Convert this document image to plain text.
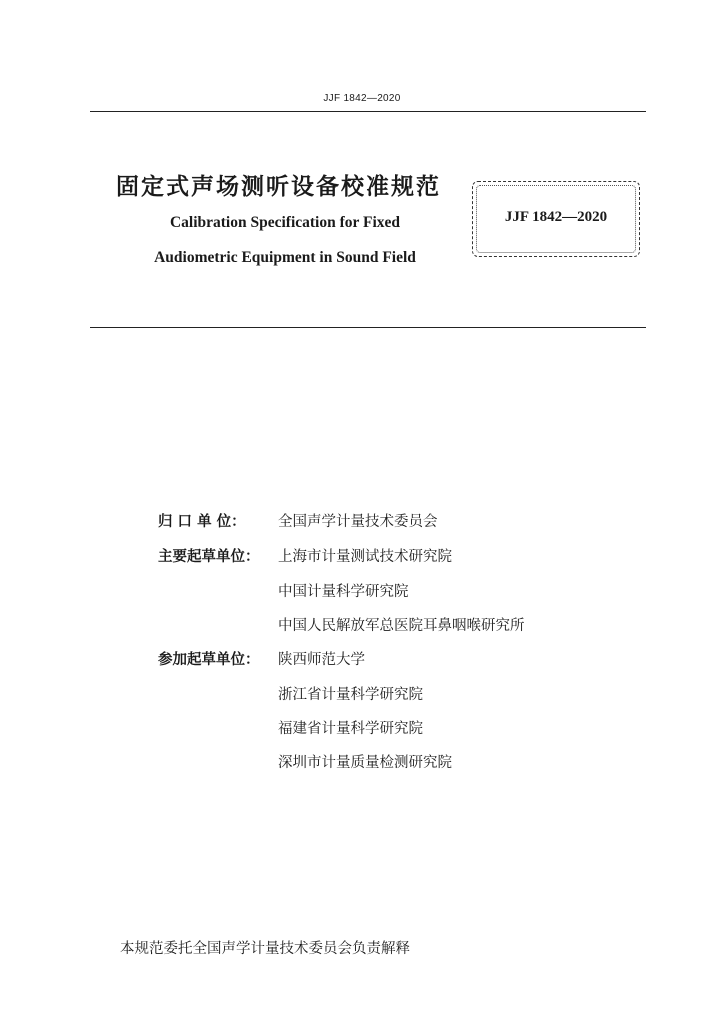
JJF 1842—2020
固定式声场测听设备校准规范
Calibration Specification for Fixed
Audiometric Equipment in Sound Field
JJF 1842—2020
归 口 单 位： 全国声学计量技术委员会
主要起草单位： 上海市计量测试技术研究院
中国计量科学研究院
中国人民解放军总医院耳鼻咽喉研究所
参加起草单位： 陕西师范大学
浙江省计量科学研究院
福建省计量科学研究院
深圳市计量质量检测研究院
本规范委托全国声学计量技术委员会负责解释
